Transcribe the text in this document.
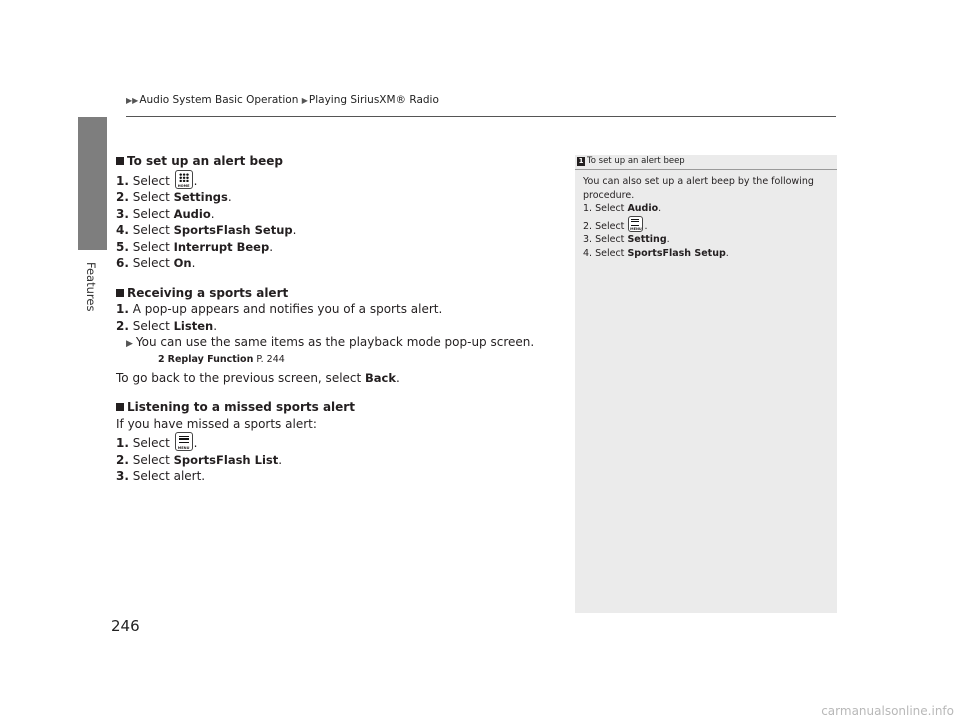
Features
▶▶Audio System Basic Operation ▶Playing SiriusXM® Radio
To set up an alert beep
1. Select	HOME .
2. Select Settings.
3. Select Audio.
4. Select SportsFlash Setup.
5. Select Interrupt Beep.
6. Select On.
Receiving a sports alert
1. A pop-up appears and notifies you of a sports alert.
2. Select Listen.
▶ You can use the same items as the playback mode pop-up screen.
2 Replay Function P. 244
To go back to the previous screen, select Back.
Listening to a missed sports alert
If you have missed a sports alert:
1. Select	MENU .
2. Select SportsFlash List.
3. Select alert.
246
1 To set up an alert beep
You can also set up a alert beep by the following procedure.
1. Select Audio.
2. Select MENU .
3. Select Setting.
4. Select SportsFlash Setup.
carmanualsonline.info
